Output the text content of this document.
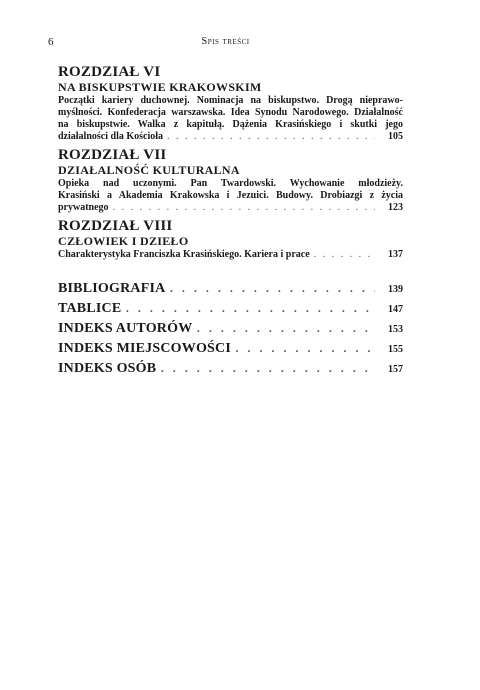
6	Spis treści
ROZDZIAŁ VI
NA BISKUPSTWIE KRAKOWSKIM
Początki kariery duchownej. Nominacja na biskupstwo. Drogą nieprawo-
myślności. Konfederacja warszawska. Idea Synodu Narodowego. Działalność
na biskupstwie. Walka z kapitułą. Dążenia Krasińskiego i skutki jego
działalności dla Kościoła . . .	105
ROZDZIAŁ VII
DZIAŁALNOŚĆ KULTURALNA
Opieka nad uczonymi. Pan Twardowski. Wychowanie młodzieży.
Krasiński a Akademia Krakowska i Jezuici. Budowy. Drobiazgi z życia
prywatnego . . .	123
ROZDZIAŁ VIII
CZŁOWIEK I DZIEŁO
Charakterystyka Franciszka Krasińskiego. Kariera i prace . . .	137
BIBLIOGRAFIA . . .	139
TABLICE . . .	147
INDEKS AUTORÓW . . .	153
INDEKS MIEJSCOWOŚCI . . .	155
INDEKS OSÓB . . .	157
